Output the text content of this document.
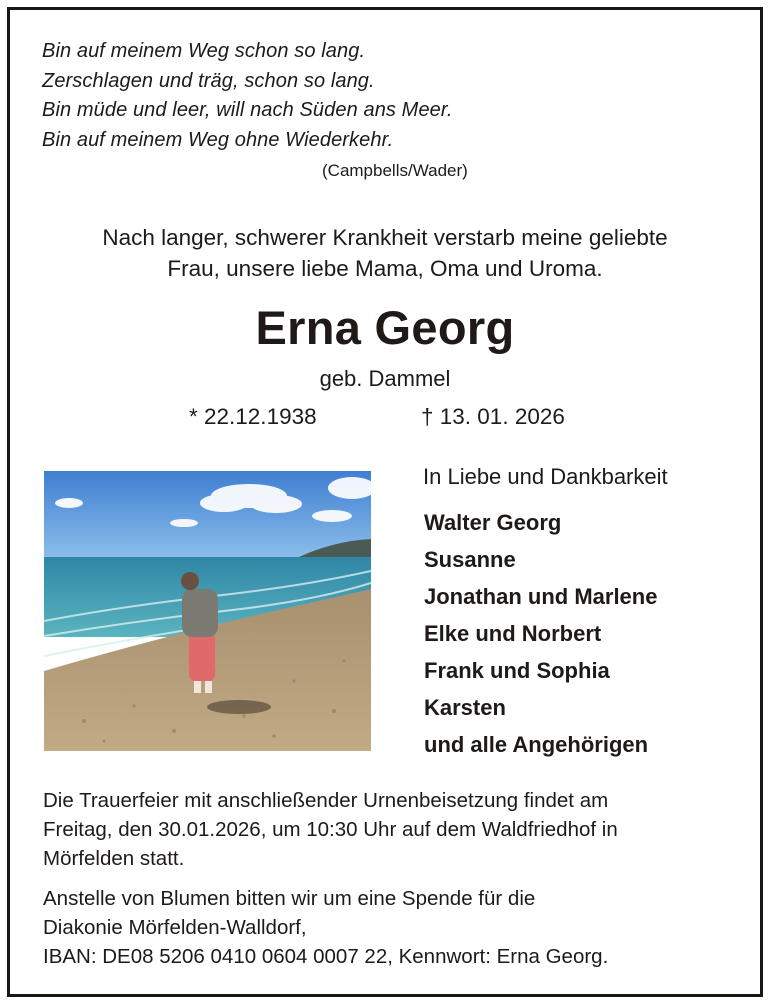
Bin auf meinem Weg schon so lang.
Zerschlagen und träg, schon so lang.
Bin müde und leer, will nach Süden ans Meer.
Bin auf meinem Weg ohne Wiederkehr.
(Campbells/Wader)
Nach langer, schwerer Krankheit verstarb meine geliebte
Frau, unsere liebe Mama, Oma und Uroma.
Erna Georg
geb. Dammel
* 22.12.1938	† 13. 01. 2026
In Liebe und Dankbarkeit
Walter Georg
Susanne
Jonathan und Marlene
Elke und Norbert
Frank und Sophia
Karsten
und alle Angehörigen
Die Trauerfeier mit anschließender Urnenbeisetzung findet am
Freitag, den 30.01.2026, um 10:30 Uhr auf dem Waldfriedhof in
Mörfelden statt.
Anstelle von Blumen bitten wir um eine Spende für die
Diakonie Mörfelden-Walldorf,
IBAN: DE08 5206 0410 0604 0007 22, Kennwort: Erna Georg.
